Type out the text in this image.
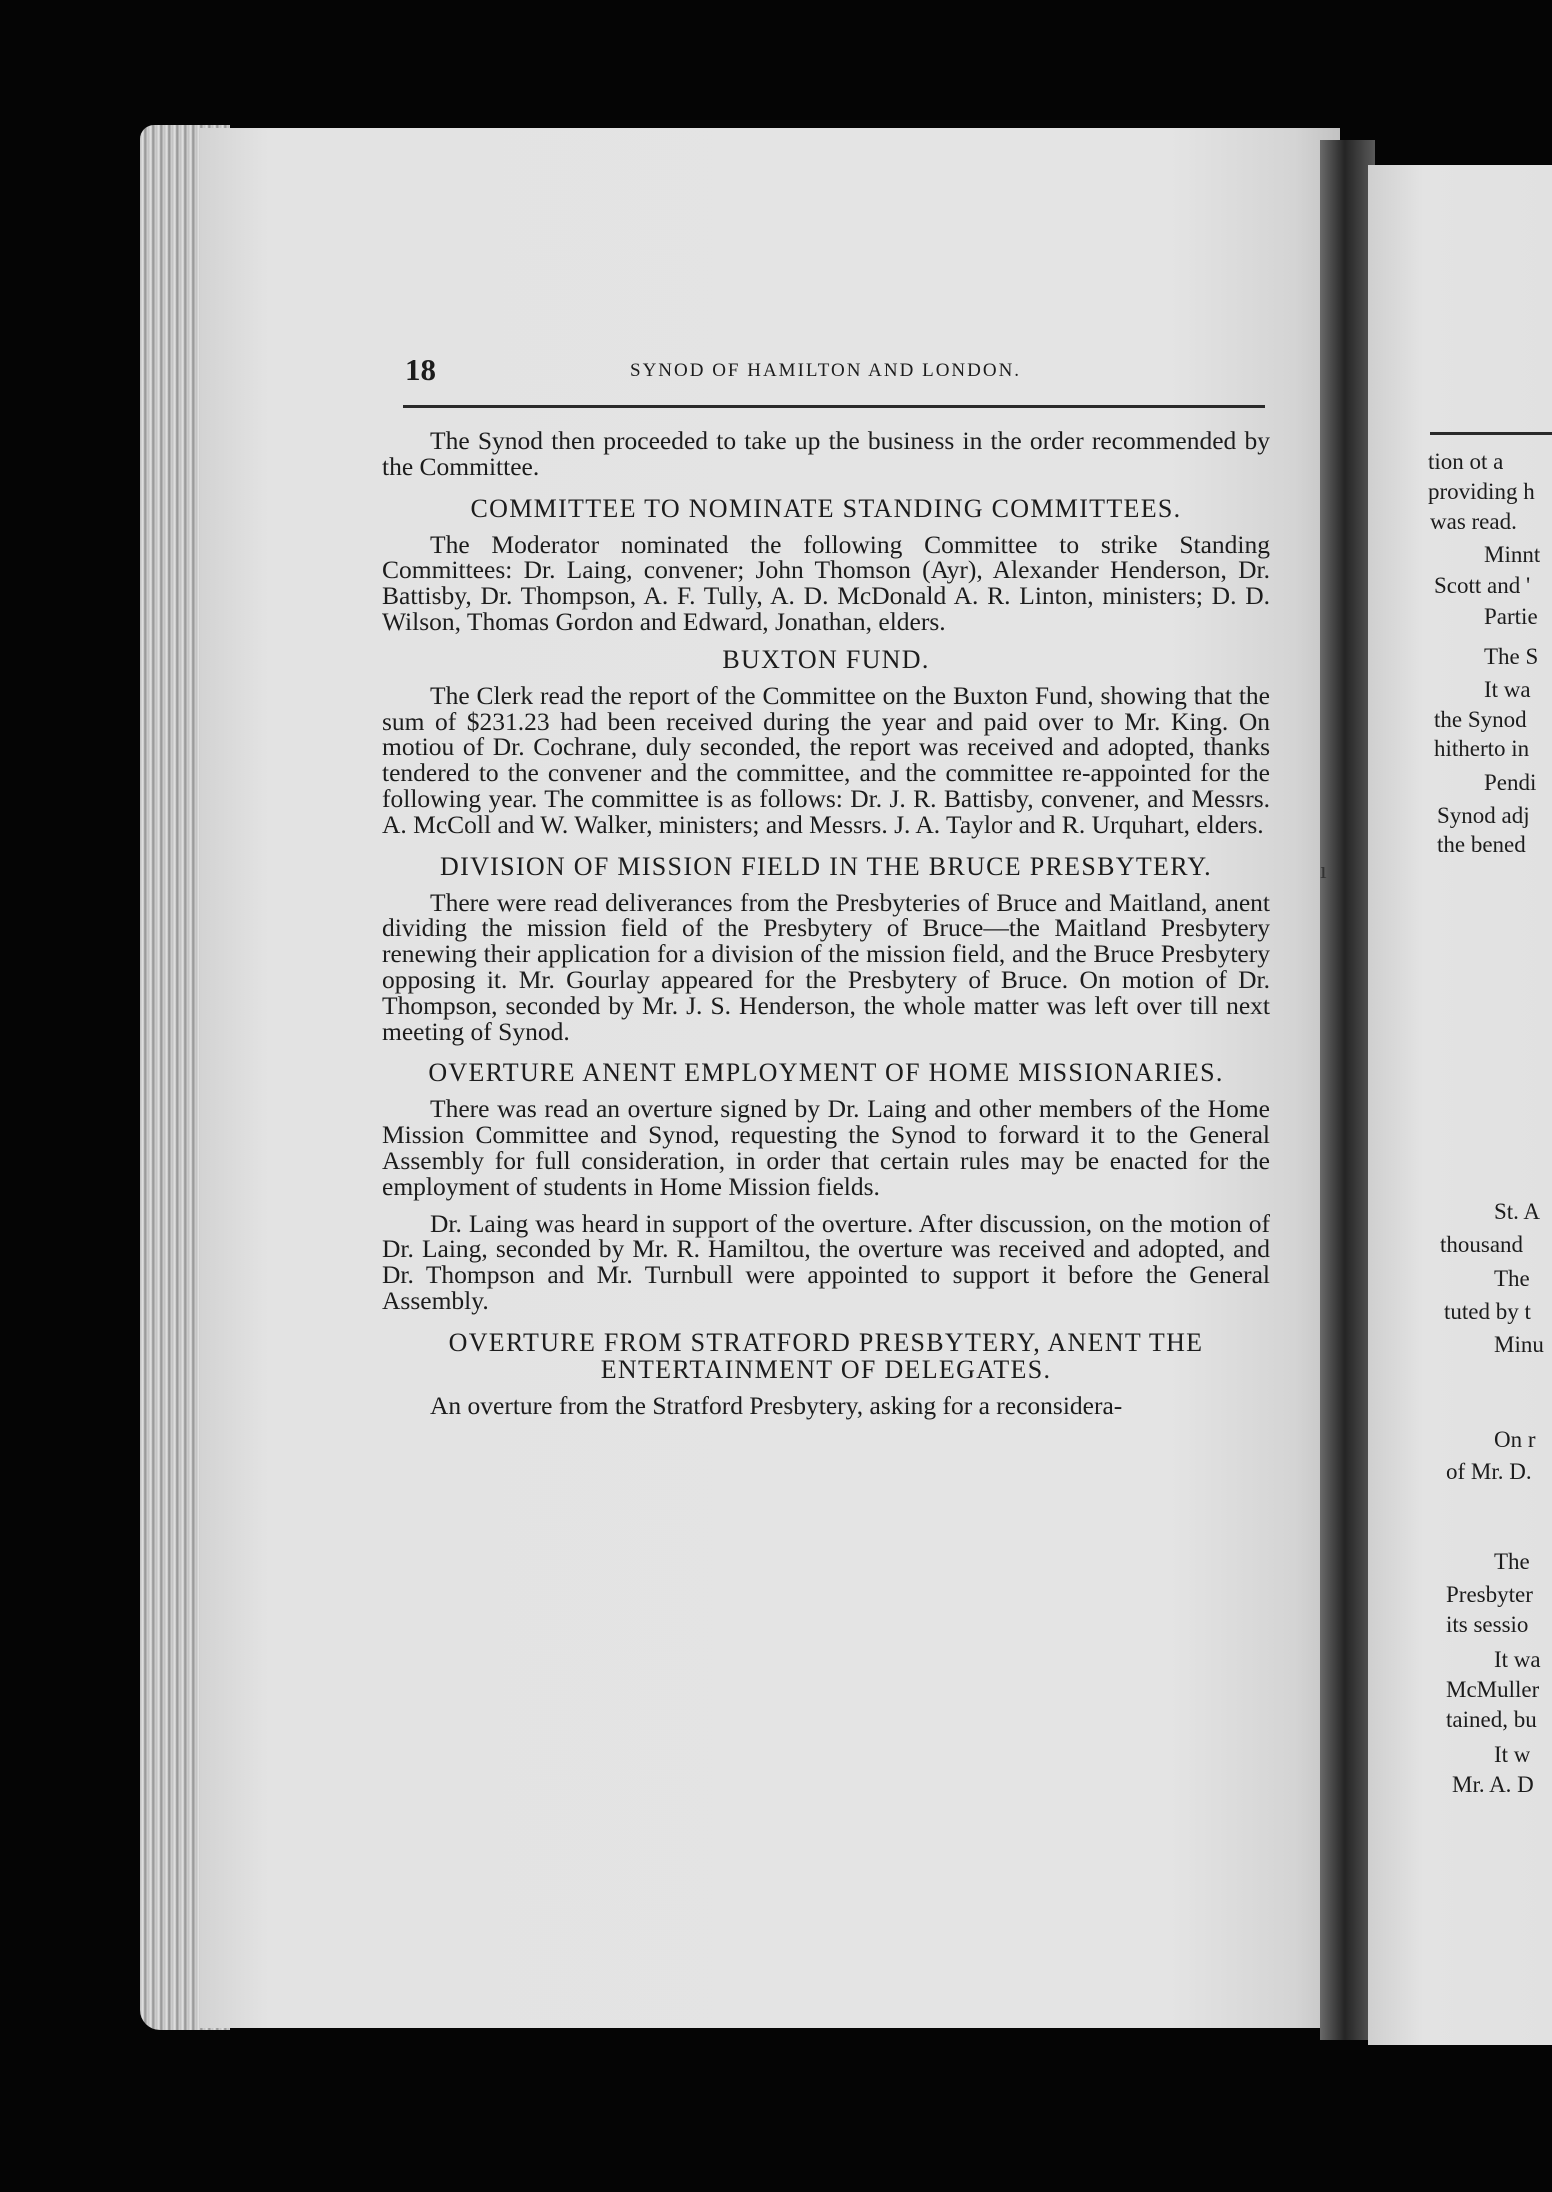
18	SYNOD OF HAMILTON AND LONDON.

The Synod then proceeded to take up the business in the order recommended by the Committee.

COMMITTEE TO NOMINATE STANDING COMMITTEES.

The Moderator nominated the following Committee to strike Standing Committees: Dr. Laing, convener; John Thomson (Ayr), Alexander Henderson, Dr. Battisby, Dr. Thompson, A. F. Tully, A. D. McDonald A. R. Linton, ministers; D. D. Wilson, Thomas Gordon and Edward, Jonathan, elders.

BUXTON FUND.

The Clerk read the report of the Committee on the Buxton Fund, showing that the sum of $231.23 had been received during the year and paid over to Mr. King. On motiou of Dr. Cochrane, duly seconded, the report was received and adopted, thanks tendered to the convener and the committee, and the committee re-appointed for the following year. The committee is as follows: Dr. J. R. Battisby, convener, and Messrs. A. McColl and W. Walker, ministers; and Messrs. J. A. Taylor and R. Urquhart, elders.

DIVISION OF MISSION FIELD IN THE BRUCE PRESBYTERY.

There were read deliverances from the Presbyteries of Bruce and Maitland, anent dividing the mission field of the Presbytery of Bruce—the Maitland Presbytery renewing their application for a division of the mission field, and the Bruce Presbytery opposing it. Mr. Gourlay appeared for the Presbytery of Bruce. On motion of Dr. Thompson, seconded by Mr. J. S. Henderson, the whole matter was left over till next meeting of Synod.

OVERTURE ANENT EMPLOYMENT OF HOME MISSIONARIES.

There was read an overture signed by Dr. Laing and other members of the Home Mission Committee and Synod, requesting the Synod to forward it to the General Assembly for full consideration, in order that certain rules may be enacted for the employment of students in Home Mission fields.

Dr. Laing was heard in support of the overture. After discussion, on the motion of Dr. Laing, seconded by Mr. R. Hamiltou, the overture was received and adopted, and Dr. Thompson and Mr. Turnbull were appointed to support it before the General Assembly.

OVERTURE FROM STRATFORD PRESBYTERY, ANENT THE ENTERTAINMENT OF DELEGATES.

An overture from the Stratford Presbytery, asking for a reconsidera-

tion ot a
providing h
was read.
Minnt
Scott and '
Partie
The S
It wa
the Synod
hitherto in
Pendi
Synod adj
the bened
St. A
thousand
The
tuted by t
Minu
On r
of Mr. D.
The
Presbyter
its sessio
It wa
McMuller
tained, bu
It w
Mr. A. D
ı
